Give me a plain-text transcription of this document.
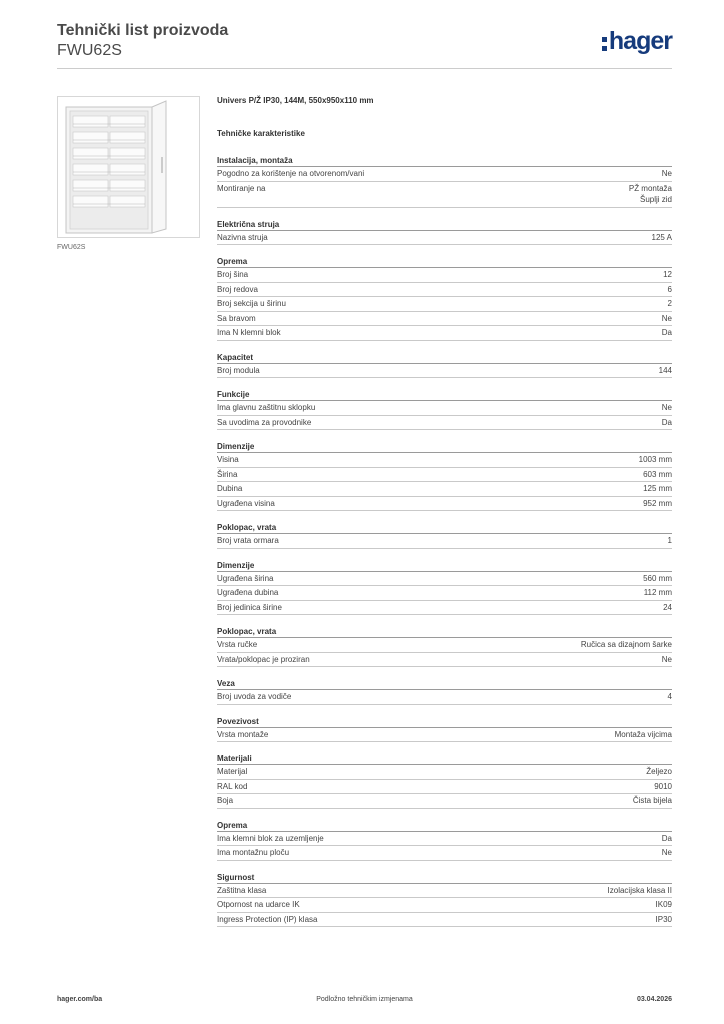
Tehnički list proizvoda
FWU62S	hager
FWU62S
Univers P/Ž IP30, 144M, 550x950x110 mm
Tehničke karakteristike
Instalacija, montaža
Pogodno za korištenje na otvorenom/vani	Ne
Montiranje na	PŽ montaža
Šuplji zid
Električna struja
Nazivna struja	125 A
Oprema
Broj šina	12
Broj redova	6
Broj sekcija u širinu	2
Sa bravom	Ne
Ima N klemni blok	Da
Kapacitet
Broj modula	144
Funkcije
Ima glavnu zaštitnu sklopku	Ne
Sa uvodima za provodnike	Da
Dimenzije
Visina	1003 mm
Širina	603 mm
Dubina	125 mm
Ugrađena visina	952 mm
Poklopac, vrata
Broj vrata ormara	1
Dimenzije
Ugrađena širina	560 mm
Ugrađena dubina	112 mm
Broj jedinica širine	24
Poklopac, vrata
Vrsta ručke	Ručica sa dizajnom šarke
Vrata/poklopac je proziran	Ne
Veza
Broj uvoda za vodiče	4
Povezivost
Vrsta montaže	Montaža vijcima
Materijali
Materijal	Željezo
RAL kod	9010
Boja	Čista bijela
Oprema
Ima klemni blok za uzemljenje	Da
Ima montažnu ploču	Ne
Sigurnost
Zaštitna klasa	Izolacijska klasa II
Otpornost na udarce IK	IK09
Ingress Protection (IP) klasa	IP30
hager.com/ba	Podložno tehničkim izmjenama	03.04.2026
